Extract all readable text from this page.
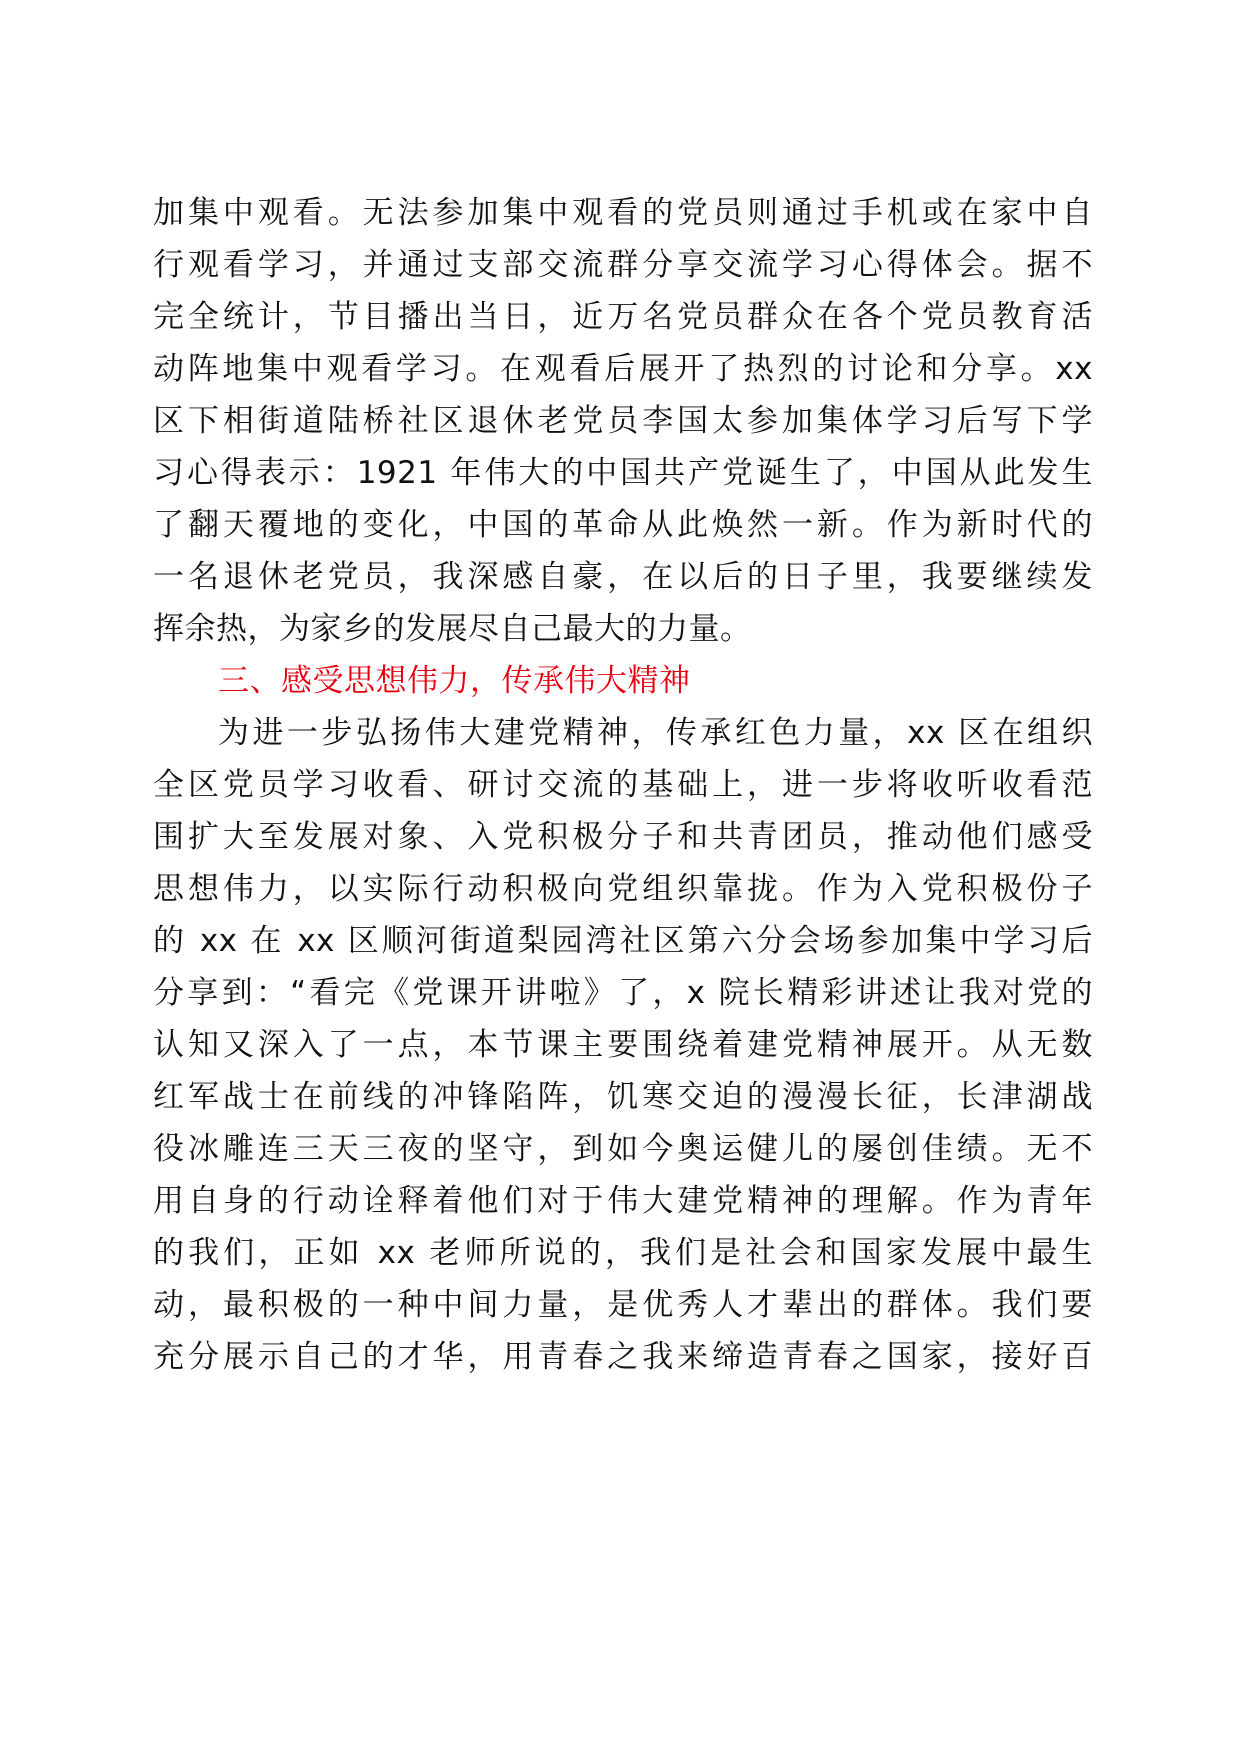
加集中观看。无法参加集中观看的党员则通过手机或在家中自
行观看学习，并通过支部交流群分享交流学习心得体会。据不
完全统计，节目播出当日，近万名党员群众在各个党员教育活
动阵地集中观看学习。在观看后展开了热烈的讨论和分享。xx
区下相街道陆桥社区退休老党员李国太参加集体学习后写下学
习心得表示：1921 年伟大的中国共产党诞生了，中国从此发生
了翻天覆地的变化，中国的革命从此焕然一新。作为新时代的
一名退休老党员，我深感自豪，在以后的日子里，我要继续发
挥余热，为家乡的发展尽自己最大的力量。
三、感受思想伟力，传承伟大精神
为进一步弘扬伟大建党精神，传承红色力量，xx 区在组织
全区党员学习收看、研讨交流的基础上，进一步将收听收看范
围扩大至发展对象、入党积极分子和共青团员，推动他们感受
思想伟力，以实际行动积极向党组织靠拢。作为入党积极份子
的 xx 在 xx 区顺河街道梨园湾社区第六分会场参加集中学习后
分享到：“看完《党课开讲啦》了，x 院长精彩讲述让我对党的
认知又深入了一点，本节课主要围绕着建党精神展开。从无数
红军战士在前线的冲锋陷阵，饥寒交迫的漫漫长征，长津湖战
役冰雕连三天三夜的坚守，到如今奥运健儿的屡创佳绩。无不
用自身的行动诠释着他们对于伟大建党精神的理解。作为青年
的我们，正如 xx 老师所说的，我们是社会和国家发展中最生
动，最积极的一种中间力量，是优秀人才辈出的群体。我们要
充分展示自己的才华，用青春之我来缔造青春之国家，接好百
